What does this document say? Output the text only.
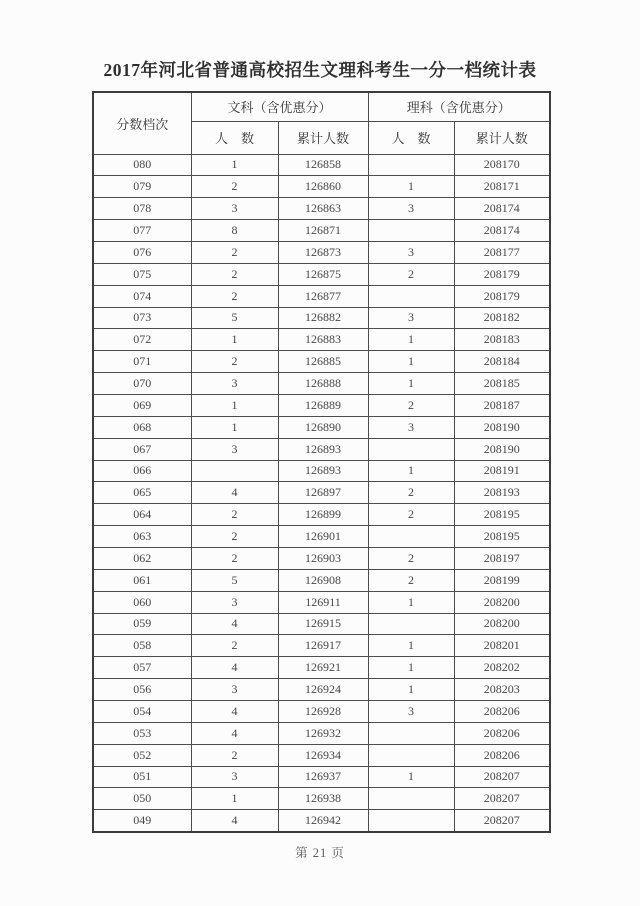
2017年河北省普通高校招生文理科考生一分一档统计表
分数档次	文科（含优惠分）		理科（含优惠分）	
	人　数	累计人数	人　数	累计人数
080	1	126858		208170
079	2	126860	1	208171
078	3	126863	3	208174
077	8	126871		208174
076	2	126873	3	208177
075	2	126875	2	208179
074	2	126877		208179
073	5	126882	3	208182
072	1	126883	1	208183
071	2	126885	1	208184
070	3	126888	1	208185
069	1	126889	2	208187
068	1	126890	3	208190
067	3	126893		208190
066		126893	1	208191
065	4	126897	2	208193
064	2	126899	2	208195
063	2	126901		208195
062	2	126903	2	208197
061	5	126908	2	208199
060	3	126911	1	208200
059	4	126915		208200
058	2	126917	1	208201
057	4	126921	1	208202
056	3	126924	1	208203
054	4	126928	3	208206
053	4	126932		208206
052	2	126934		208206
051	3	126937	1	208207
050	1	126938		208207
049	4	126942		208207
第 21 页
